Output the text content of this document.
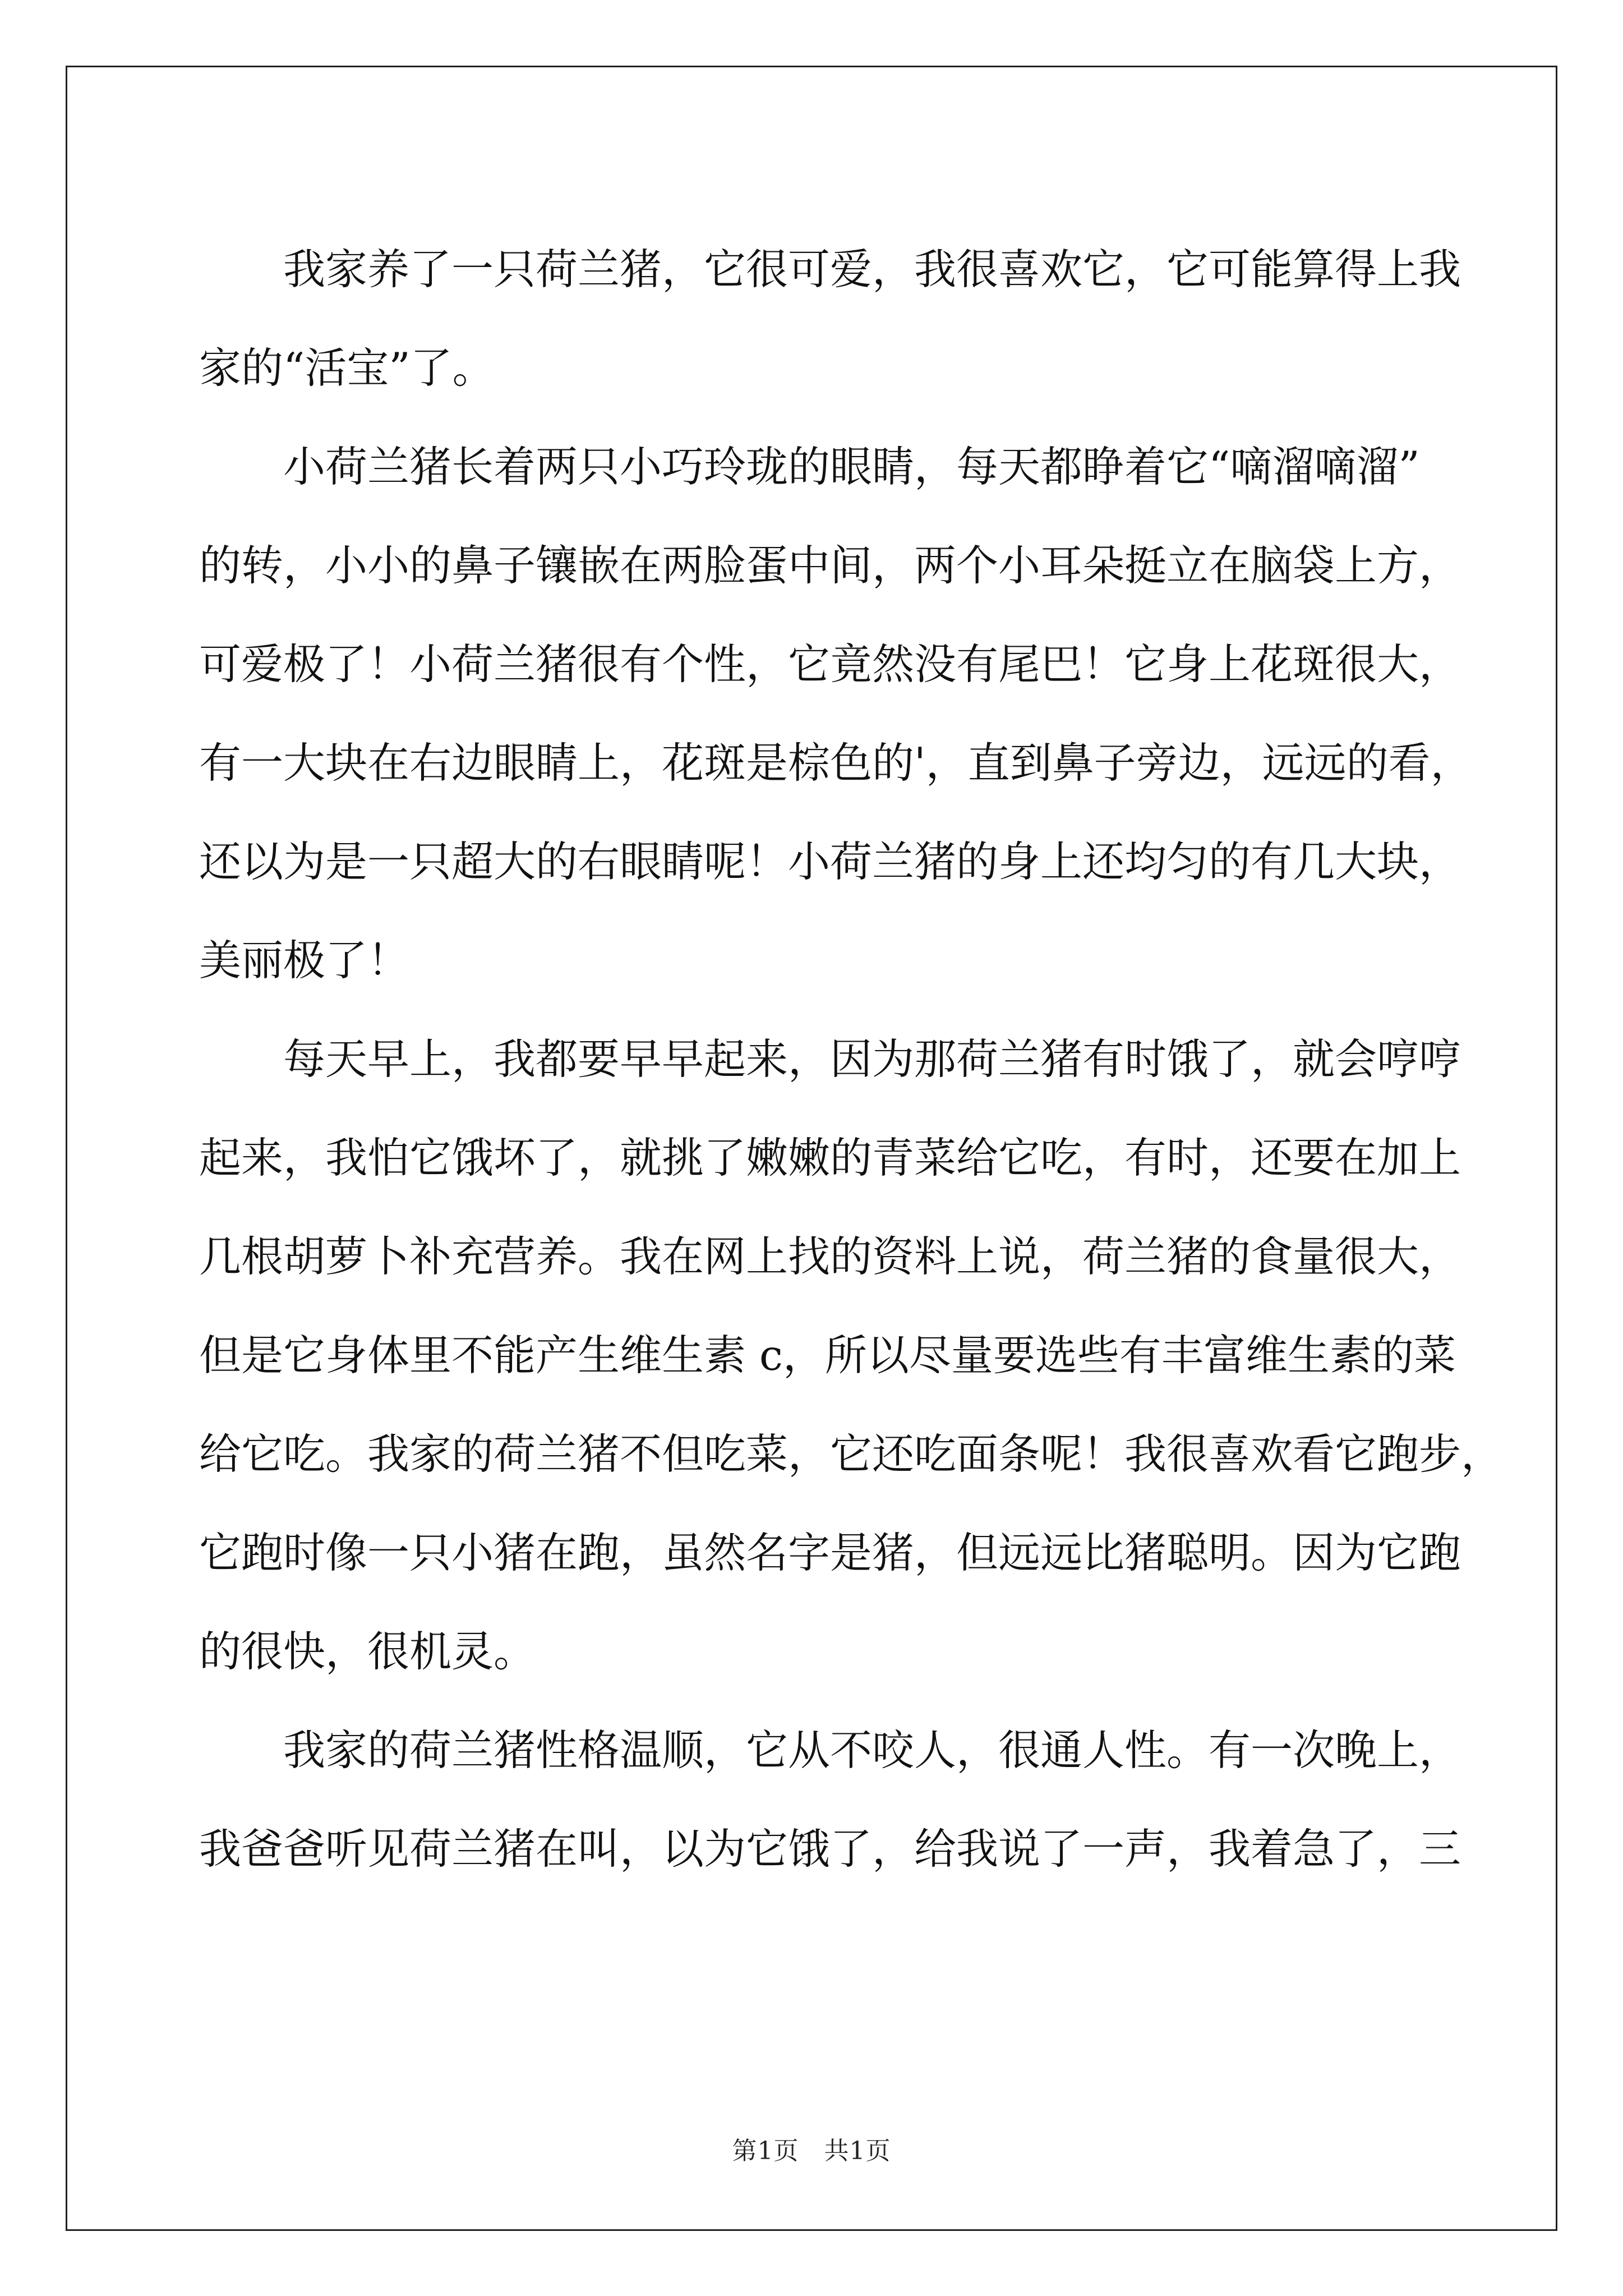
我家养了一只荷兰猪，它很可爱，我很喜欢它，它可能算得上我
家的“活宝”了。
小荷兰猪长着两只小巧玲珑的眼睛，每天都睁着它“嘀溜嘀溜”
的转，小小的鼻子镶嵌在两脸蛋中间，两个小耳朵挺立在脑袋上方，
可爱极了！小荷兰猪很有个性，它竟然没有尾巴！它身上花斑很大，
有一大块在右边眼睛上，花斑是棕色的'，直到鼻子旁边，远远的看，
还以为是一只超大的右眼睛呢！小荷兰猪的身上还均匀的有几大块，
美丽极了！
每天早上，我都要早早起来，因为那荷兰猪有时饿了，就会哼哼
起来，我怕它饿坏了，就挑了嫩嫩的青菜给它吃，有时，还要在加上
几根胡萝卜补充营养。我在网上找的资料上说，荷兰猪的食量很大，
但是它身体里不能产生维生素 c，所以尽量要选些有丰富维生素的菜
给它吃。我家的荷兰猪不但吃菜，它还吃面条呢！我很喜欢看它跑步，
它跑时像一只小猪在跑，虽然名字是猪，但远远比猪聪明。因为它跑
的很快，很机灵。
我家的荷兰猪性格温顺，它从不咬人，很通人性。有一次晚上，
我爸爸听见荷兰猪在叫，以为它饿了，给我说了一声，我着急了，三
第1页　共1页
